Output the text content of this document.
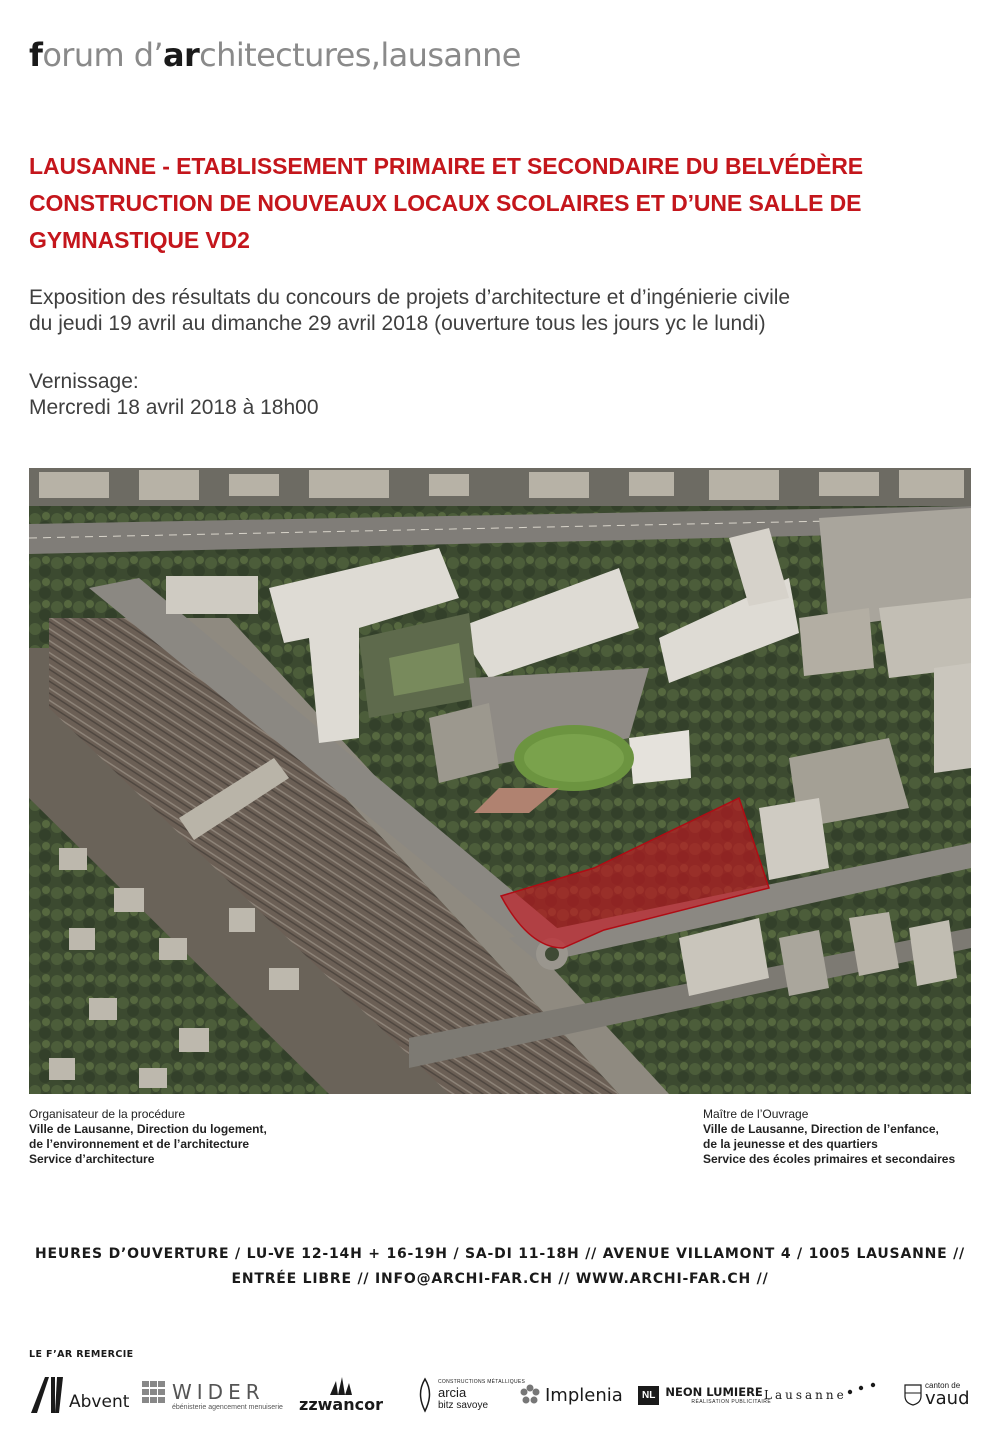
forum d’architectures,lausanne
LAUSANNE - ETABLISSEMENT PRIMAIRE ET SECONDAIRE DU BELVÉDÈRE
CONSTRUCTION DE NOUVEAUX LOCAUX SCOLAIRES ET D’UNE SALLE DE
GYMNASTIQUE VD2
Exposition des résultats du concours de projets d’architecture et d’ingénierie civile
du jeudi 19 avril au dimanche 29 avril 2018 (ouverture tous les jours yc le lundi)
Vernissage:
Mercredi 18 avril 2018 à 18h00
Organisateur de la procédure
Ville de Lausanne, Direction du logement,
de l’environnement et de l’architecture
Service d’architecture
Maître de l’Ouvrage
Ville de Lausanne, Direction de l’enfance,
de la jeunesse et des quartiers
Service des écoles primaires et secondaires
HEURES D’OUVERTURE / LU-VE 12-14H + 16-19H / SA-DI 11-18H // AVENUE VILLAMONT 4 / 1005 LAUSANNE //
ENTRÉE LIBRE // INFO@ARCHI-FAR.CH // WWW.ARCHI-FAR.CH //
LE F’AR REMERCIE
Abvent WIDER
ébénisterie agencement menuiserie zzwancor
CONSTRUCTIONS MÉTALLIQUES
arcia
bitz savoye	Implenia	NL NEON LUMIERE
RÉALISATION PUBLICITAIRE
Lausanne
canton de
vaud
